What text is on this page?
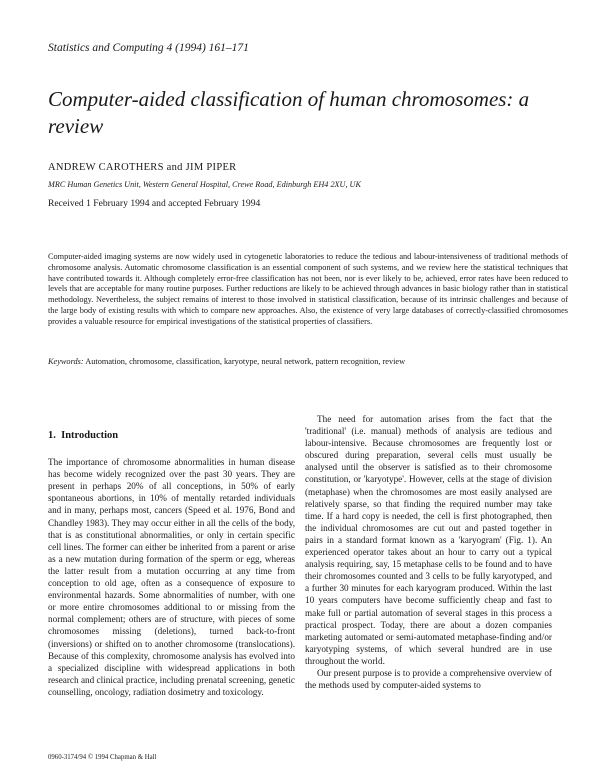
Statistics and Computing 4 (1994) 161–171
Computer-aided classification of human chromosomes: a review
ANDREW CAROTHERS and JIM PIPER
MRC Human Genetics Unit, Western General Hospital, Crewe Road, Edinburgh EH4 2XU, UK
Received 1 February 1994 and accepted February 1994

Computer-aided imaging systems are now widely used in cytogenetic laboratories to reduce the tedious and labour-intensiveness of traditional methods of chromosome analysis. Automatic chromosome classification is an essential component of such systems, and we review here the statistical techniques that have contributed towards it. Although completely error-free classification has not been, nor is ever likely to be, achieved, error rates have been reduced to levels that are acceptable for many routine purposes. Further reductions are likely to be achieved through advances in basic biology rather than in statistical methodology. Nevertheless, the subject remains of interest to those involved in statistical classification, because of its intrinsic challenges and because of the large body of existing results with which to compare new approaches. Also, the existence of very large databases of correctly-classified chromosomes provides a valuable resource for empirical investigations of the statistical properties of classifiers.

Keywords: Automation, chromosome, classification, karyotype, neural network, pattern recognition, review

1. Introduction

The importance of chromosome abnormalities in human disease has become widely recognized over the past 30 years. They are present in perhaps 20% of all conceptions, in 50% of early spontaneous abortions, in 10% of mentally retarded individuals and in many, perhaps most, cancers (Speed et al. 1976, Bond and Chandley 1983). They may occur either in all the cells of the body, that is as constitutional abnormalities, or only in certain specific cell lines. The former can either be inherited from a parent or arise as a new mutation during formation of the sperm or egg, whereas the latter result from a mutation occurring at any time from conception to old age, often as a consequence of exposure to environmental hazards. Some abnormalities of number, with one or more entire chromosomes additional to or missing from the normal complement; others are of structure, with pieces of some chromosomes missing (deletions), turned back-to-front (inversions) or shifted on to another chromosome (translocations). Because of this complexity, chromosome analysis has evolved into a specialized discipline with widespread applications in both research and clinical practice, including prenatal screening, genetic counselling, oncology, radiation dosimetry and toxicology.

The need for automation arises from the fact that the 'traditional' (i.e. manual) methods of analysis are tedious and labour-intensive. Because chromosomes are frequently lost or obscured during preparation, several cells must usually be analysed until the observer is satisfied as to their chromosome constitution, or 'karyotype'. However, cells at the stage of division (metaphase) when the chromosomes are most easily analysed are relatively sparse, so that finding the required number may take time. If a hard copy is needed, the cell is first photographed, then the individual chromosomes are cut out and pasted together in pairs in a standard format known as a 'karyogram' (Fig. 1). An experienced operator takes about an hour to carry out a typical analysis requiring, say, 15 metaphase cells to be found and to have their chromosomes counted and 3 cells to be fully karyotyped, and a further 30 minutes for each karyogram produced. Within the last 10 years computers have become sufficiently cheap and fast to make full or partial automation of several stages in this process a practical prospect. Today, there are about a dozen companies marketing automated or semi-automated metaphase-finding and/or karyotyping systems, of which several hundred are in use throughout the world.

Our present purpose is to provide a comprehensive overview of the methods used by computer-aided systems to

0960-3174/94 © 1994 Chapman & Hall
